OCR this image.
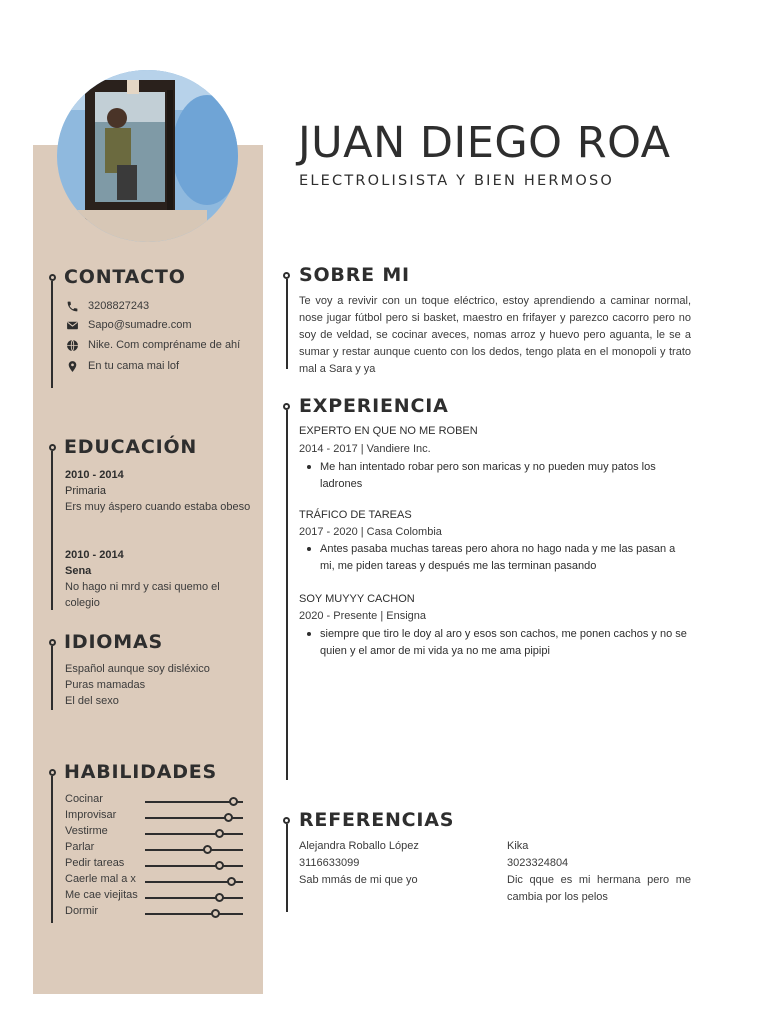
JUAN DIEGO ROA
ELECTROLISISTA Y BIEN HERMOSO
CONTACTO
3208827243
Sapo@sumadre.com
Nike. Com compréname de ahí
En tu cama mai lof
EDUCACIÓN
2010 - 2014
Primaria
Ers muy áspero cuando estaba obeso
2010 - 2014
Sena
No hago ni mrd y casi quemo el colegio
IDIOMAS
Español aunque soy disléxico
Puras mamadas
El del sexo
HABILIDADES
Cocinar
Improvisar
Vestirme
Parlar
Pedir tareas
Caerle mal a x
Me cae viejitas
Dormir
SOBRE MI
Te voy a revivir con un toque eléctrico, estoy aprendiendo a caminar normal, nose jugar fútbol pero si basket, maestro en frifayer y parezco cacorro pero no soy de veldad, se cocinar aveces, nomas arroz y huevo pero aguanta, le se a sumar y restar aunque cuento con los dedos, tengo plata en el monopoli y trato mal a Sara y ya
EXPERIENCIA
EXPERTO EN QUE NO ME ROBEN
2014 - 2017 | Vandiere Inc.
Me han intentado robar pero son maricas y no pueden muy patos los ladrones
TRÁFICO DE TAREAS
2017 - 2020 | Casa Colombia
Antes pasaba muchas tareas pero ahora no hago nada y me las pasan a mi, me piden tareas y después me las terminan pasando
SOY MUYYY CACHON
2020 - Presente | Ensigna
siempre que tiro le doy al aro y esos son cachos, me ponen cachos y no se quien y el amor de mi vida ya no me ama pipipi
REFERENCIAS
Alejandra Roballo López
3116633099
Sab mmás de mi que yo
Kika
3023324804
Dic qque es mi hermana pero me cambia por los pelos
